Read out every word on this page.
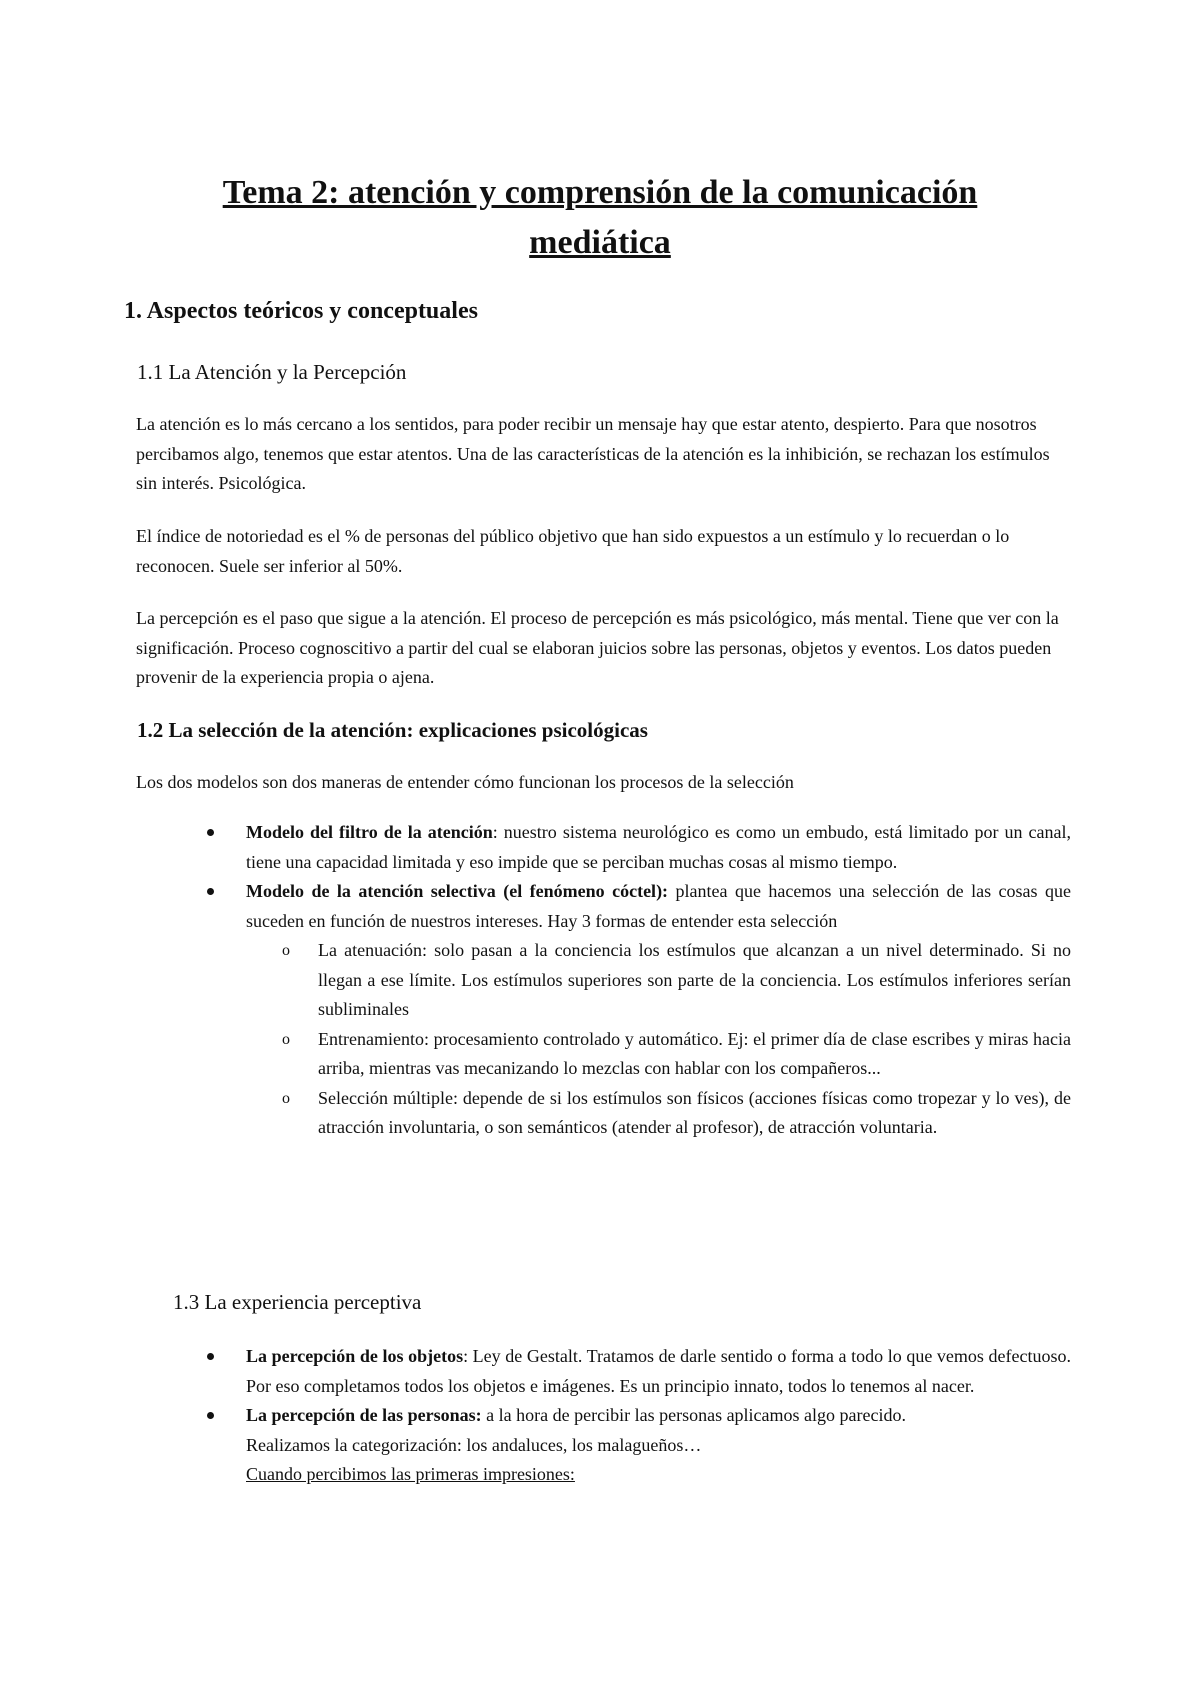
Tema 2: atención y comprensión de la comunicación mediática
1. Aspectos teóricos y conceptuales
1.1 La Atención y la Percepción

La atención es lo más cercano a los sentidos, para poder recibir un mensaje hay que estar atento, despierto. Para que nosotros percibamos algo, tenemos que estar atentos. Una de las características de la atención es la inhibición, se rechazan los estímulos sin interés. Psicológica.

El índice de notoriedad es el % de personas del público objetivo que han sido expuestos a un estímulo y lo recuerdan o lo reconocen. Suele ser inferior al 50%.

La percepción es el paso que sigue a la atención. El proceso de percepción es más psicológico, más mental. Tiene que ver con la significación. Proceso cognoscitivo a partir del cual se elaboran juicios sobre las personas, objetos y eventos. Los datos pueden provenir de la experiencia propia o ajena.

1.2 La selección de la atención: explicaciones psicológicas

Los dos modelos son dos maneras de entender cómo funcionan los procesos de la selección

Modelo del filtro de la atención: nuestro sistema neurológico es como un embudo, está limitado por un canal, tiene una capacidad limitada y eso impide que se perciban muchas cosas al mismo tiempo.
Modelo de la atención selectiva (el fenómeno cóctel): plantea que hacemos una selección de las cosas que suceden en función de nuestros intereses. Hay 3 formas de entender esta selección
o La atenuación: solo pasan a la conciencia los estímulos que alcanzan a un nivel determinado. Si no llegan a ese límite. Los estímulos superiores son parte de la conciencia. Los estímulos inferiores serían subliminales
o Entrenamiento: procesamiento controlado y automático. Ej: el primer día de clase escribes y miras hacia arriba, mientras vas mecanizando lo mezclas con hablar con los compañeros...
o Selección múltiple: depende de si los estímulos son físicos (acciones físicas como tropezar y lo ves), de atracción involuntaria, o son semánticos (atender al profesor), de atracción voluntaria.
1.3 La experiencia perceptiva
La percepción de los objetos: Ley de Gestalt. Tratamos de darle sentido o forma a todo lo que vemos defectuoso. Por eso completamos todos los objetos e imágenes. Es un principio innato, todos lo tenemos al nacer.
La percepción de las personas: a la hora de percibir las personas aplicamos algo parecido.
Realizamos la categorización: los andaluces, los malagueños…
Cuando percibimos las primeras impresiones:
